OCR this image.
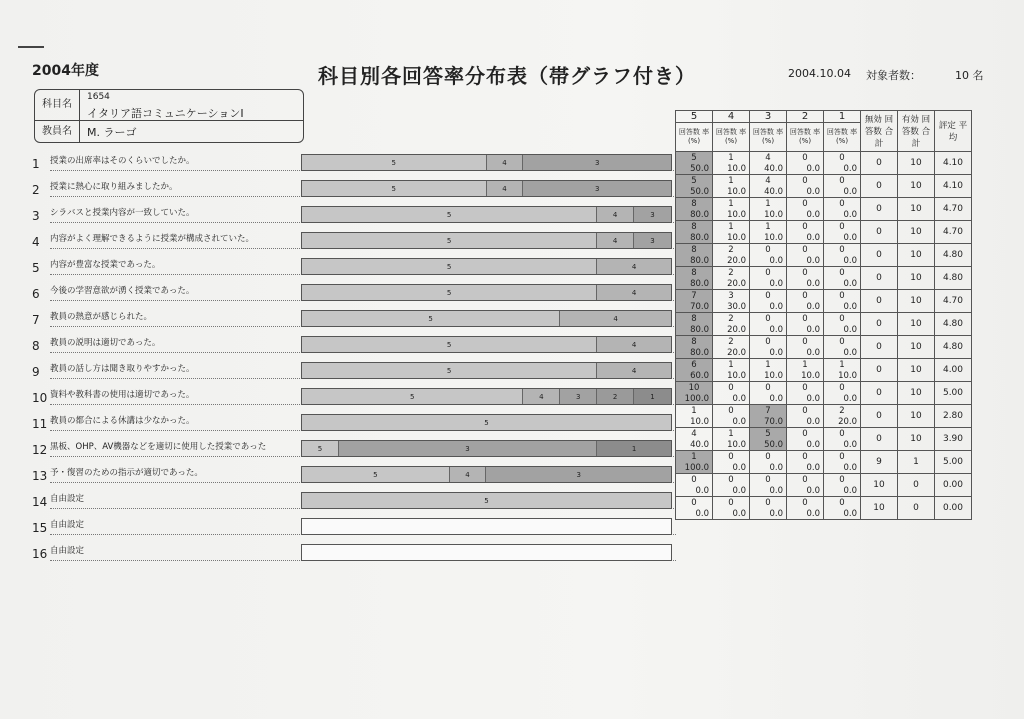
2004年度	科目別各回答率分布表（帯グラフ付き）	2004.10.04 対象者数：	10 名
科目名
1654
イタリア語コミュニケーションⅠ
教員名	M. ラーゴ
1 授業の出席率はそのくらいでしたか。	5	4	3
2 授業に熱心に取り組みましたか。	5	4	3
3 シラバスと授業内容が一致していた。	5	4	3
4 内容がよく理解できるように授業が構成されていた。	5	4	3
5 内容が豊富な授業であった。	5	4
6 今後の学習意欲が湧く授業であった。	5	4
7 教員の熱意が感じられた。	5	4
8 教員の説明は適切であった。	5	4
9 教員の話し方は聞き取りやすかった。	5	4
10 資料や教科書の使用は適切であった。	5	4	3	2	1
11 教員の都合による休講は少なかった。	5
12 黒板、OHP、AV機器などを適切に使用した授業であった	5	3	1
13 予・復習のための指示が適切であった。	5	4	3
14 自由設定	5
15 自由設定
16 自由設定
5	4	3	2	1	無効 回答数 合計	有効 回答数 合計	評定 平均
回答数 率(%)	回答数 率(%)	回答数 率(%)	回答数 率(%)	回答数 率(%)			
5	1	4	0	0	0	10	4.10
50.0	10.0	40.0	0.0	0.0			
5	1	4	0	0	0	10	4.10
50.0	10.0	40.0	0.0	0.0			
8	1	1	0	0	0	10	4.70
80.0	10.0	10.0	0.0	0.0			
8	1	1	0	0	0	10	4.70
80.0	10.0	10.0	0.0	0.0			
8	2	0	0	0	0	10	4.80
80.0	20.0	0.0	0.0	0.0			
8	2	0	0	0	0	10	4.80
80.0	20.0	0.0	0.0	0.0			
7	3	0	0	0	0	10	4.70
70.0	30.0	0.0	0.0	0.0			
8	2	0	0	0	0	10	4.80
80.0	20.0	0.0	0.0	0.0			
8	2	0	0	0	0	10	4.80
80.0	20.0	0.0	0.0	0.0			
6	1	1	1	1	0	10	4.00
60.0	10.0	10.0	10.0	10.0			
10	0	0	0	0	0	10	5.00
100.0	0.0	0.0	0.0	0.0			
1	0	7	0	2	0	10	2.80
10.0	0.0	70.0	0.0	20.0			
4	1	5	0	0	0	10	3.90
40.0	10.0	50.0	0.0	0.0			
1	0	0	0	0	9	1	5.00
100.0	0.0	0.0	0.0	0.0			
0	0	0	0	0	10	0	0.00
0.0	0.0	0.0	0.0	0.0			
0	0	0	0	0	10	0	0.00
0.0	0.0	0.0	0.0	0.0			
